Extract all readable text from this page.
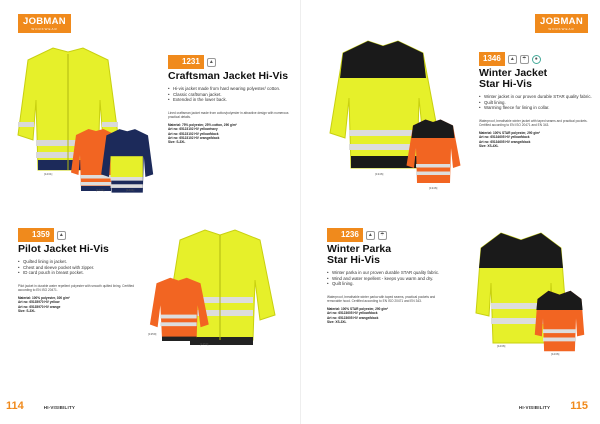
JOBMAN
WORKWEAR
[1231]
[1231]	[1231]
1231	▲
Craftsman Jacket Hi-Vis
• Hi-vis jacket made from hard wearing polyester/ cotton.
• Classic craftsman jacket.
• Extended in the lower back.
Lined craftsman jacket made from cotton/polyester in attractive design with numerous practical details.
Material: 75% polyester, 25% cotton, 290 g/m²
Art no: 65123102 HV yellow/navy
Art no: 65123102 HV yellow/black
Art no: 65123102 HV orange/black
Size: S-3XL
1359	▲
Pilot Jacket Hi-Vis
• Quilted lining in jacket.
• Chest and sleeve pocket with zipper.
• ID card pouch in breast pocket.
Pilot jacket in durable water repellent polyester with smooth quilted lining. Certified according to EN ISO 20471.
Material: 100% polyester, 300 g/m²
Art no: 65135970 HV yellow
Art no: 65135970 HV orange
Size: S-3XL
[1359]
[1359]
114	HI-VISIBILITY
JOBMAN
WORKWEAR
[1346]
[1346]
1346	▲	☂	●
Winter Jacket
Star Hi-Vis
• Winter jacket in our proven durable STAR quality fabric.
• Quilt lining.
• Warming fleece for lining in collar.
Waterproof, breathable winter jacket with taped seams and practical pockets. Certified according to EN ISO 20471 and EN 343.
Material: 100% STAR polyester, 290 g/m²
Art no: 65134605 HV yellow/black
Art no: 65134605 HV orange/black
Size: XS-4XL
1236	▲	☂
Winter Parka
Star Hi-Vis
• Winter parka in our proven durable STAR quality fabric.
• Wind and water repellent - keeps you warm and dry.
• Quilt lining.
Waterproof, breathable winter parka with taped seams, practical pockets and removable hood. Certified according to EN ISO 20471 and EN 343.
Material: 100% STAR polyester, 290 g/m²
Art no: 65123605 HV yellow/black
Art no: 65123605 HV orange/black
Size: XS-3XL
[1236]
[1236]
HI-VISIBILITY 115
